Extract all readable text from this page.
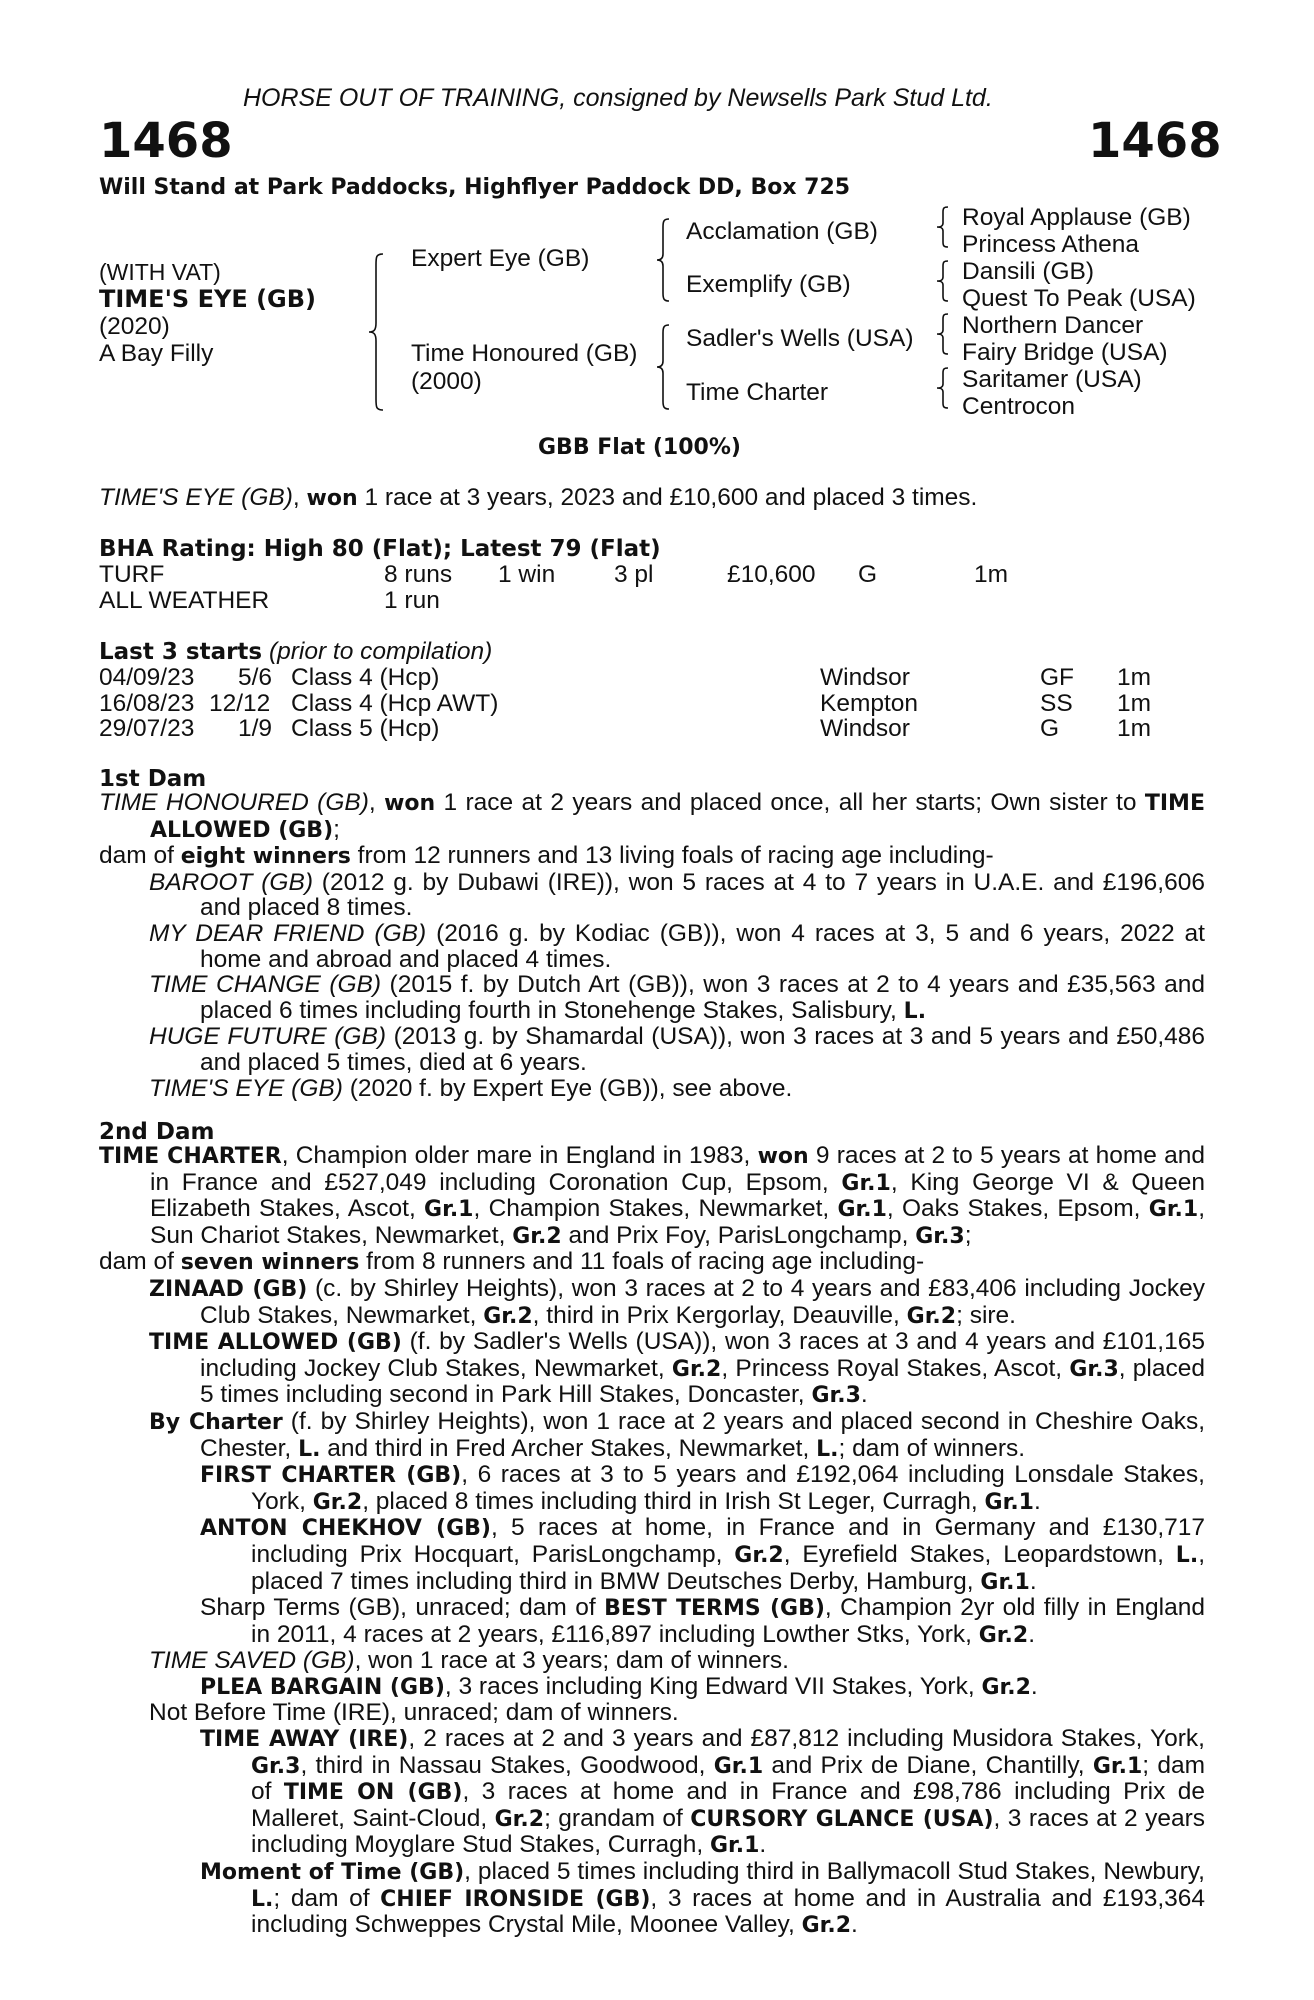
HORSE OUT OF TRAINING, consigned by Newsells Park Stud Ltd.
1468	1468
Will Stand at Park Paddocks, Highflyer Paddock DD, Box 725
(WITH VAT)
TIME'S EYE (GB)
(2020)
A Bay Filly
Expert Eye (GB)
Time Honoured (GB)
(2000)
Acclamation (GB)
Exemplify (GB)
Sadler's Wells (USA)
Time Charter
Royal Applause (GB)
Princess Athena
Dansili (GB)
Quest To Peak (USA)
Northern Dancer
Fairy Bridge (USA)
Saritamer (USA)
Centrocon
GBB Flat (100%)
TIME'S EYE (GB), won 1 race at 3 years, 2023 and £10,600 and placed 3 times.
BHA Rating: High 80 (Flat); Latest 79 (Flat)
TURF	8 runs 1 win 3 pl	£10,600 G	1m
ALL WEATHER	1 run
Last 3 starts (prior to compilation)
04/09/23 5/6 Class 4 (Hcp)	Windsor	GF 1m
16/08/23 12/12 Class 4 (Hcp AWT)	Kempton	SS 1m
29/07/23 1/9 Class 5 (Hcp)	Windsor	G 1m
1st Dam

TIME HONOURED (GB), won 1 race at 2 years and placed once, all her starts; Own sister to TIME ALLOWED (GB);

dam of eight winners from 12 runners and 13 living foals of racing age including-

BAROOT (GB) (2012 g. by Dubawi (IRE)), won 5 races at 4 to 7 years in U.A.E. and £196,606 and placed 8 times.

MY DEAR FRIEND (GB) (2016 g. by Kodiac (GB)), won 4 races at 3, 5 and 6 years, 2022 at home and abroad and placed 4 times.

TIME CHANGE (GB) (2015 f. by Dutch Art (GB)), won 3 races at 2 to 4 years and £35,563 and placed 6 times including fourth in Stonehenge Stakes, Salisbury, L.

HUGE FUTURE (GB) (2013 g. by Shamardal (USA)), won 3 races at 3 and 5 years and £50,486 and placed 5 times, died at 6 years.

TIME'S EYE (GB) (2020 f. by Expert Eye (GB)), see above.

2nd Dam

TIME CHARTER, Champion older mare in England in 1983, won 9 races at 2 to 5 years at home and in France and £527,049 including Coronation Cup, Epsom, Gr.1, King George VI & Queen Elizabeth Stakes, Ascot, Gr.1, Champion Stakes, Newmarket, Gr.1, Oaks Stakes, Epsom, Gr.1, Sun Chariot Stakes, Newmarket, Gr.2 and Prix Foy, ParisLongchamp, Gr.3;

dam of seven winners from 8 runners and 11 foals of racing age including-

ZINAAD (GB) (c. by Shirley Heights), won 3 races at 2 to 4 years and £83,406 including Jockey Club Stakes, Newmarket, Gr.2, third in Prix Kergorlay, Deauville, Gr.2; sire.

TIME ALLOWED (GB) (f. by Sadler's Wells (USA)), won 3 races at 3 and 4 years and £101,165 including Jockey Club Stakes, Newmarket, Gr.2, Princess Royal Stakes, Ascot, Gr.3, placed 5 times including second in Park Hill Stakes, Doncaster, Gr.3.

By Charter (f. by Shirley Heights), won 1 race at 2 years and placed second in Cheshire Oaks, Chester, L. and third in Fred Archer Stakes, Newmarket, L.; dam of winners.

FIRST CHARTER (GB), 6 races at 3 to 5 years and £192,064 including Lonsdale Stakes, York, Gr.2, placed 8 times including third in Irish St Leger, Curragh, Gr.1.

ANTON CHEKHOV (GB), 5 races at home, in France and in Germany and £130,717 including Prix Hocquart, ParisLongchamp, Gr.2, Eyrefield Stakes, Leopardstown, L., placed 7 times including third in BMW Deutsches Derby, Hamburg, Gr.1.

Sharp Terms (GB), unraced; dam of BEST TERMS (GB), Champion 2yr old filly in England in 2011, 4 races at 2 years, £116,897 including Lowther Stks, York, Gr.2.

TIME SAVED (GB), won 1 race at 3 years; dam of winners.

PLEA BARGAIN (GB), 3 races including King Edward VII Stakes, York, Gr.2.

Not Before Time (IRE), unraced; dam of winners.

TIME AWAY (IRE), 2 races at 2 and 3 years and £87,812 including Musidora Stakes, York, Gr.3, third in Nassau Stakes, Goodwood, Gr.1 and Prix de Diane, Chantilly, Gr.1; dam of TIME ON (GB), 3 races at home and in France and £98,786 including Prix de Malleret, Saint-Cloud, Gr.2; grandam of CURSORY GLANCE (USA), 3 races at 2 years including Moyglare Stud Stakes, Curragh, Gr.1.

Moment of Time (GB), placed 5 times including third in Ballymacoll Stud Stakes, Newbury, L.; dam of CHIEF IRONSIDE (GB), 3 races at home and in Australia and £193,364 including Schweppes Crystal Mile, Moonee Valley, Gr.2.
